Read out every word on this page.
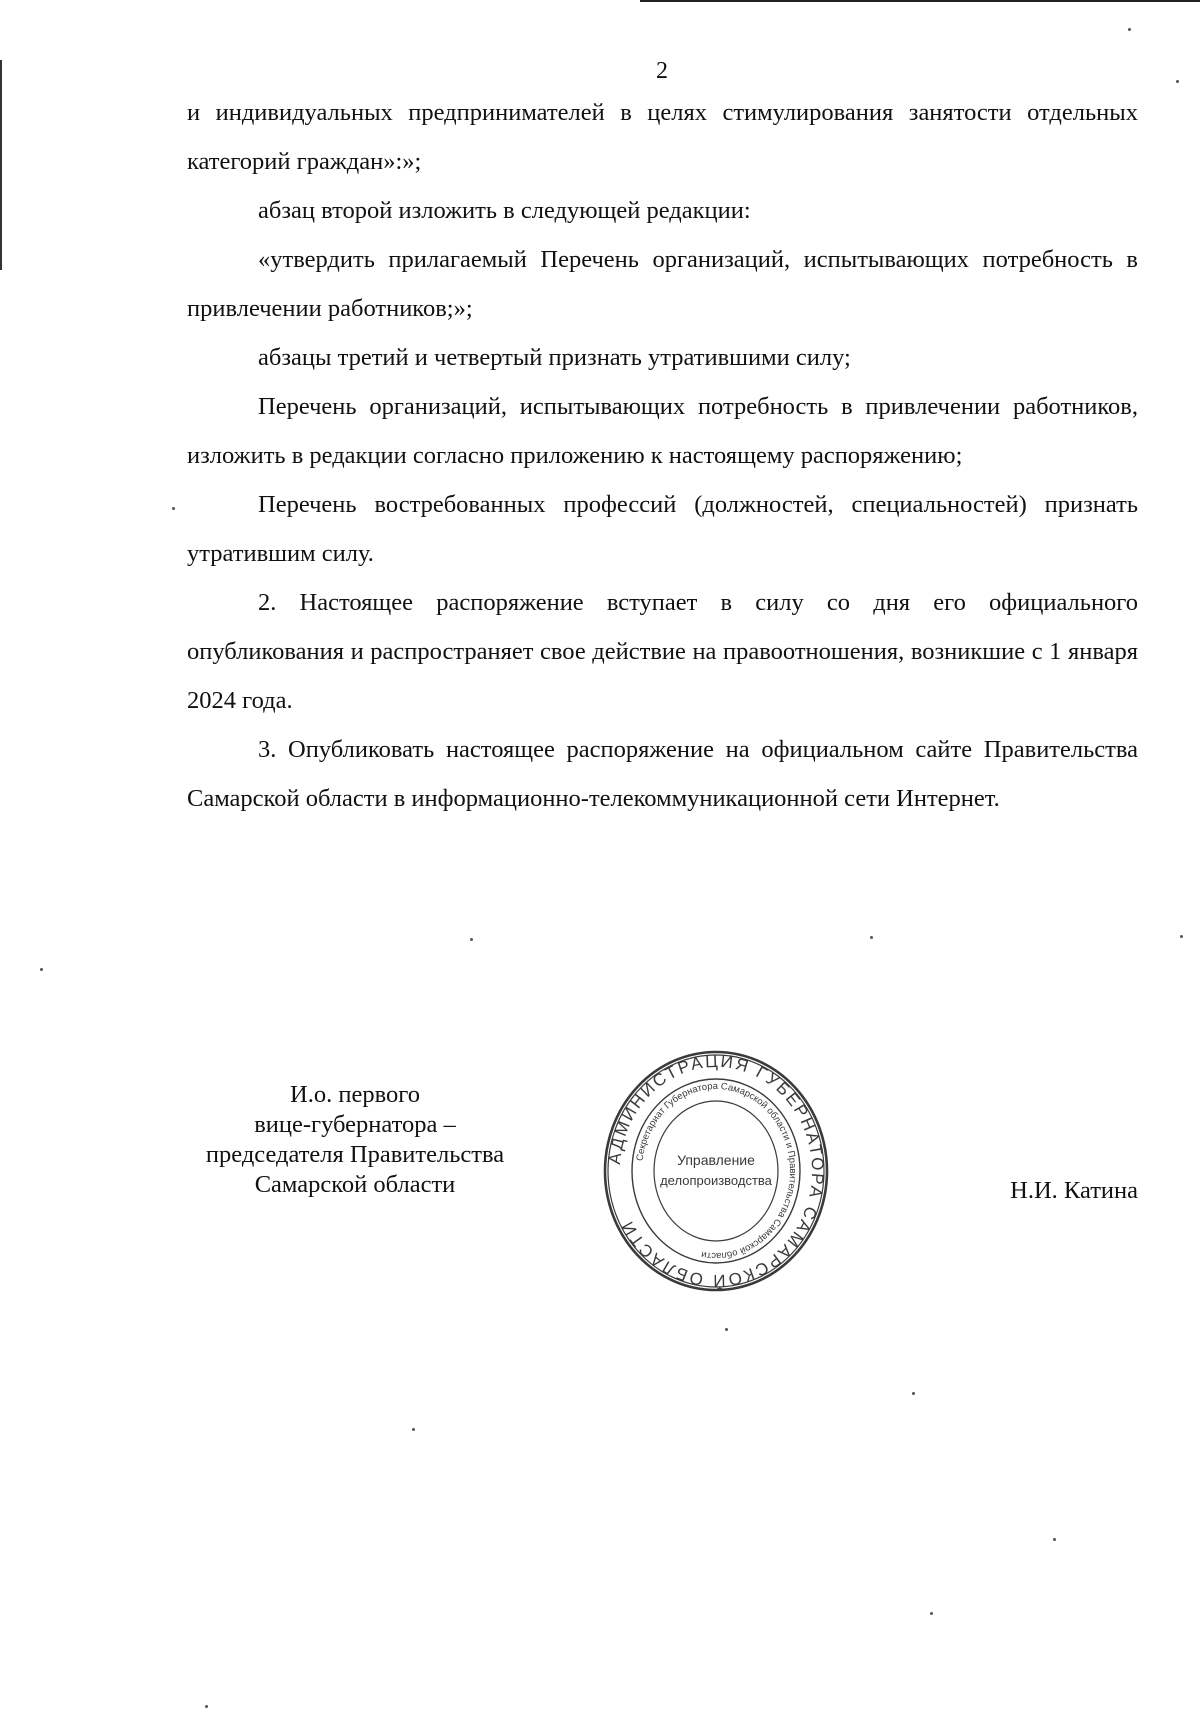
2

и индивидуальных предпринимателей в целях стимулирования занятости отдельных категорий граждан»:»;

абзац второй изложить в следующей редакции:

«утвердить прилагаемый Перечень организаций, испытывающих потребность в привлечении работников;»;

абзацы третий и четвертый признать утратившими силу;

Перечень организаций, испытывающих потребность в привлечении работников, изложить в редакции согласно приложению к настоящему распоряжению;

Перечень востребованных профессий (должностей, специальностей) признать утратившим силу.

2. Настоящее распоряжение вступает в силу со дня его официального опубликования и распространяет свое действие на правоотношения, возникшие с 1 января 2024 года.

3. Опубликовать настоящее распоряжение на официальном сайте Правительства Самарской области в информационно-телекоммуникационной сети Интернет.

И.о. первого
вице-губернатора –
председателя Правительства
Самарской области
АДМИНИСТРАЦИЯ ГУБЕРНАТОРА САМАРСКОЙ ОБЛАСТИ
Секретариат Губернатора Самарской области и Правительства Самарской области
Управление
делопроизводства	Н.И. Катина
